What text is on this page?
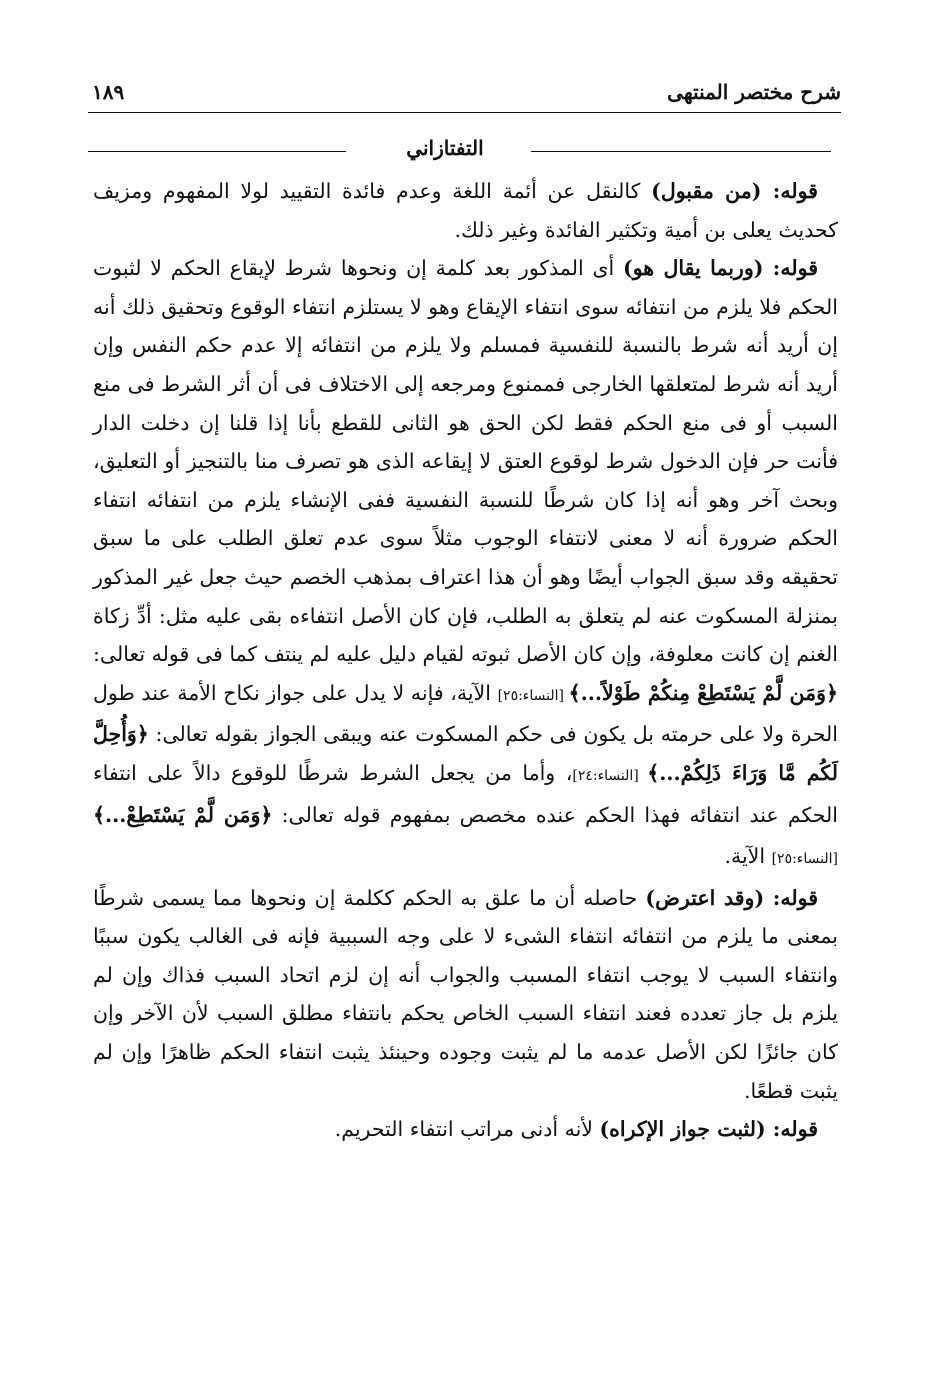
شرح مختصر المنتهى
١٨٩
التفتازاني

قوله: (من مقبول) كالنقل عن أئمة اللغة وعدم فائدة التقييد لولا المفهوم ومزيف كحديث يعلى بن أمية وتكثير الفائدة وغير ذلك.

قوله: (وربما يقال هو) أى المذكور بعد كلمة إن ونحوها شرط لإيقاع الحكم لا لثبوت الحكم فلا يلزم من انتفائه سوى انتفاء الإيقاع وهو لا يستلزم انتفاء الوقوع وتحقيق ذلك أنه إن أريد أنه شرط بالنسبة للنفسية فمسلم ولا يلزم من انتفائه إلا عدم حكم النفس وإن أريد أنه شرط لمتعلقها الخارجى فممنوع ومرجعه إلى الاختلاف فى أن أثر الشرط فى منع السبب أو فى منع الحكم فقط لكن الحق هو الثانى للقطع بأنا إذا قلنا إن دخلت الدار فأنت حر فإن الدخول شرط لوقوع العتق لا إيقاعه الذى هو تصرف منا بالتنجيز أو التعليق، وبحث آخر وهو أنه إذا كان شرطًا للنسبة النفسية ففى الإنشاء يلزم من انتفائه انتفاء الحكم ضرورة أنه لا معنى لانتفاء الوجوب مثلاً سوى عدم تعلق الطلب على ما سبق تحقيقه وقد سبق الجواب أيضًا وهو أن هذا اعتراف بمذهب الخصم حيث جعل غير المذكور بمنزلة المسكوت عنه لم يتعلق به الطلب، فإن كان الأصل انتفاءه بقى عليه مثل: أدِّ زكاة الغنم إن كانت معلوفة، وإن كان الأصل ثبوته لقيام دليل عليه لم ينتف كما فى قوله تعالى: ﴿وَمَن لَّمْ يَسْتَطِعْ مِنكُمْ طَوْلاً...﴾ [النساء:٢٥] الآية، فإنه لا يدل على جواز نكاح الأمة عند طول الحرة ولا على حرمته بل يكون فى حكم المسكوت عنه ويبقى الجواز بقوله تعالى: ﴿وَأُحِلَّ لَكُم مَّا وَرَاءَ ذَلِكُمْ...﴾ [النساء:٢٤]، وأما من يجعل الشرط شرطًا للوقوع دالاً على انتفاء الحكم عند انتفائه فهذا الحكم عنده مخصص بمفهوم قوله تعالى: ﴿وَمَن لَّمْ يَسْتَطِعْ...﴾ [النساء:٢٥] الآية.

قوله: (وقد اعترض) حاصله أن ما علق به الحكم ككلمة إن ونحوها مما يسمى شرطًا بمعنى ما يلزم من انتفائه انتفاء الشىء لا على وجه السببية فإنه فى الغالب يكون سببًا وانتفاء السبب لا يوجب انتفاء المسبب والجواب أنه إن لزم اتحاد السبب فذاك وإن لم يلزم بل جاز تعدده فعند انتفاء السبب الخاص يحكم بانتفاء مطلق السبب لأن الآخر وإن كان جائزًا لكن الأصل عدمه ما لم يثبت وجوده وحينئذ يثبت انتفاء الحكم ظاهرًا وإن لم يثبت قطعًا.

قوله: (لثبت جواز الإكراه) لأنه أدنى مراتب انتفاء التحريم.
